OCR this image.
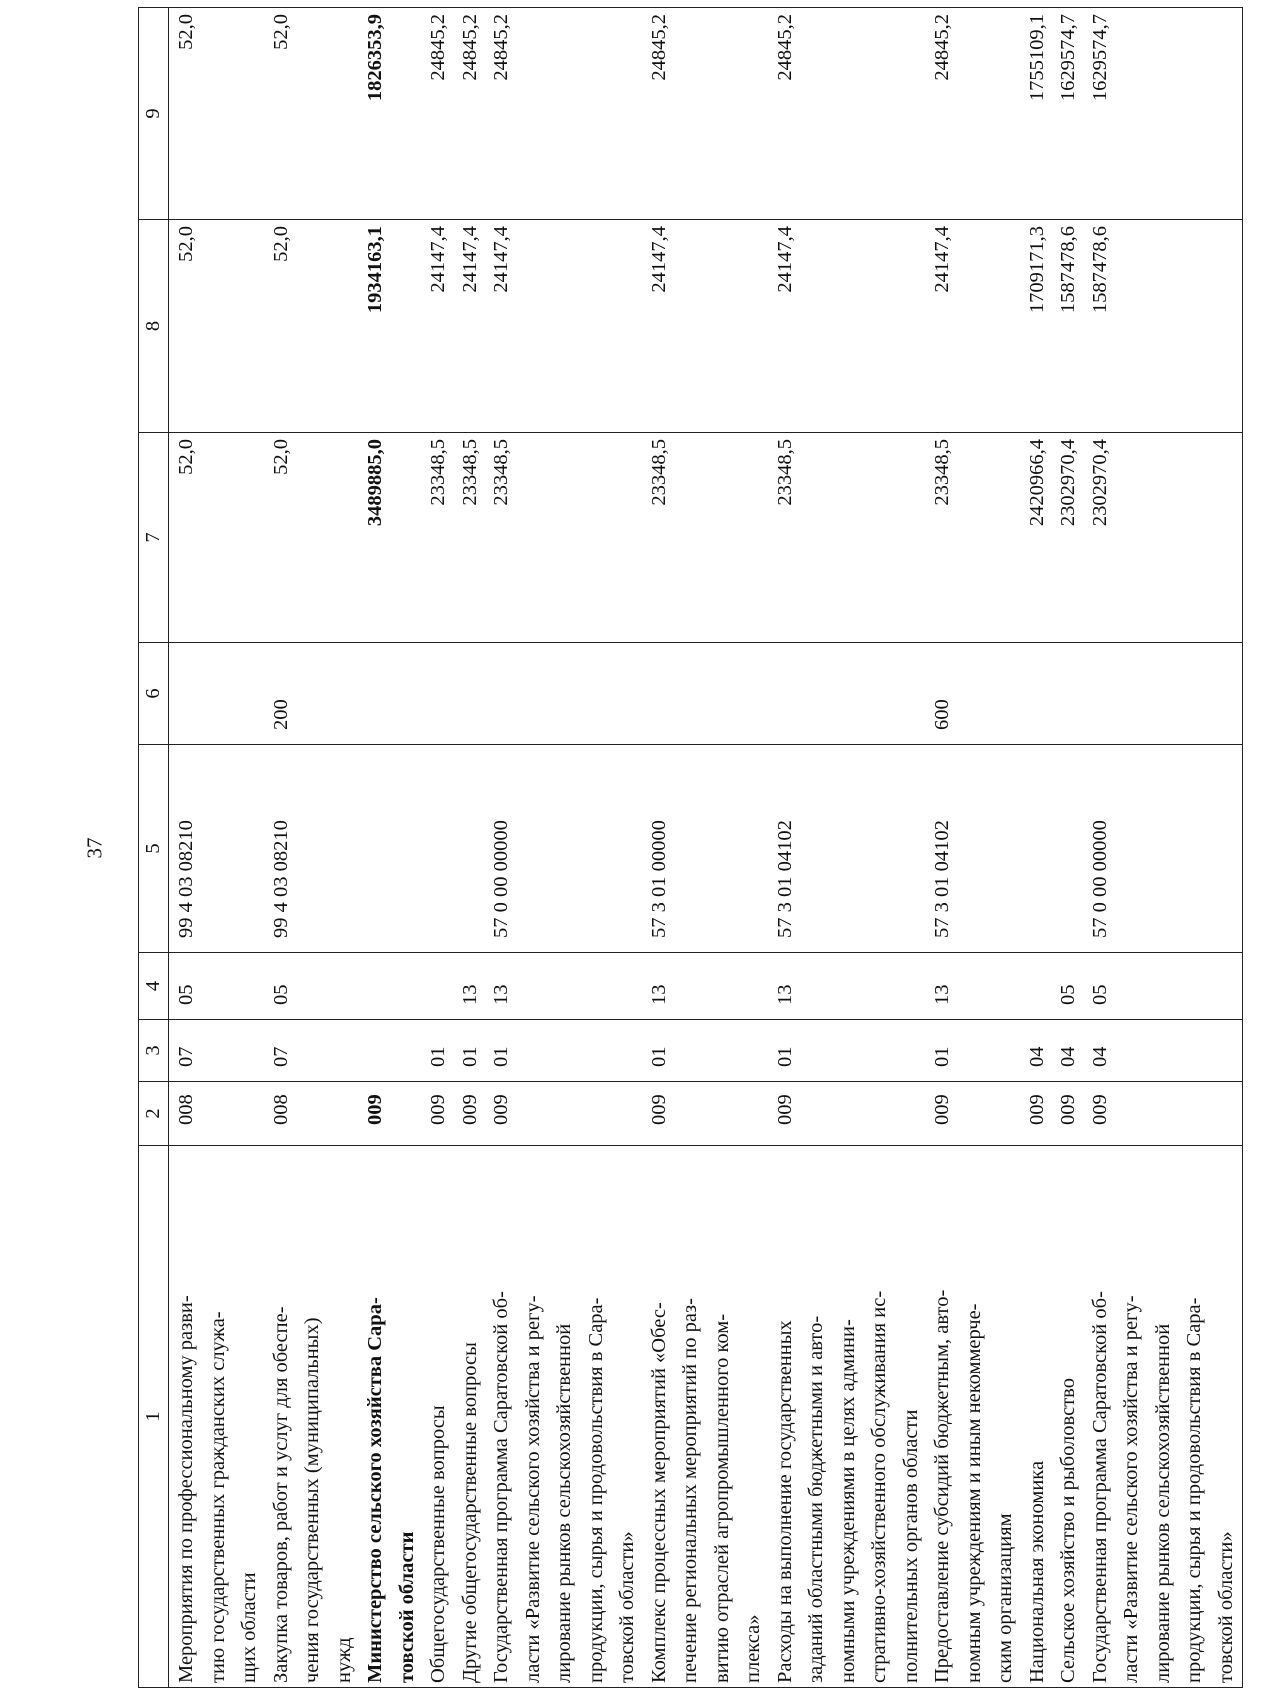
37
1	2	3	4	5	6	7	8	9

Мероприятия по профессиональному разви- тию государственных гражданских служа- щих области	008	07	05	99 4 03 08210		52,0	52,0	52,0

Закупка товаров, работ и услуг для обеспе- чения государственных (муниципальных) нужд	008	07	05	99 4 03 08210	200	52,0	52,0	52,0

Министерство сельского хозяйства Сара- товской области	009					3489885,0	1934163,1	1826353,9

Общегосударственные вопросы	009	01				23348,5	24147,4	24845,2

Другие общегосударственные вопросы	009	01	13			23348,5	24147,4	24845,2

Государственная программа Саратовской об- ласти «Развитие сельского хозяйства и регу- лирование рынков сельскохозяйственной продукции, сырья и продовольствия в Сара- товской области»	009	01	13	57 0 00 00000		23348,5	24147,4	24845,2

Комплекс процессных мероприятий «Обес- печение региональных мероприятий по раз- витию отраслей агропромышленного ком- плекса»	009	01	13	57 3 01 00000		23348,5	24147,4	24845,2

Расходы на выполнение государственных заданий областными бюджетными и авто- номными учреждениями в целях админи- стративно-хозяйственного обслуживания ис- полнительных органов области	009	01	13	57 3 01 04102		23348,5	24147,4	24845,2

Предоставление субсидий бюджетным, авто- номным учреждениям и иным некоммерче- ским организациям	009	01	13	57 3 01 04102	600	23348,5	24147,4	24845,2

Национальная экономика	009	04				2420966,4	1709171,3	1755109,1

Сельское хозяйство и рыболовство	009	04	05			2302970,4	1587478,6	1629574,7

Государственная программа Саратовской об- ласти «Развитие сельского хозяйства и регу- лирование рынков сельскохозяйственной продукции, сырья и продовольствия в Сара- товской области»	009	04	05	57 0 00 00000		2302970,4	1587478,6	1629574,7
